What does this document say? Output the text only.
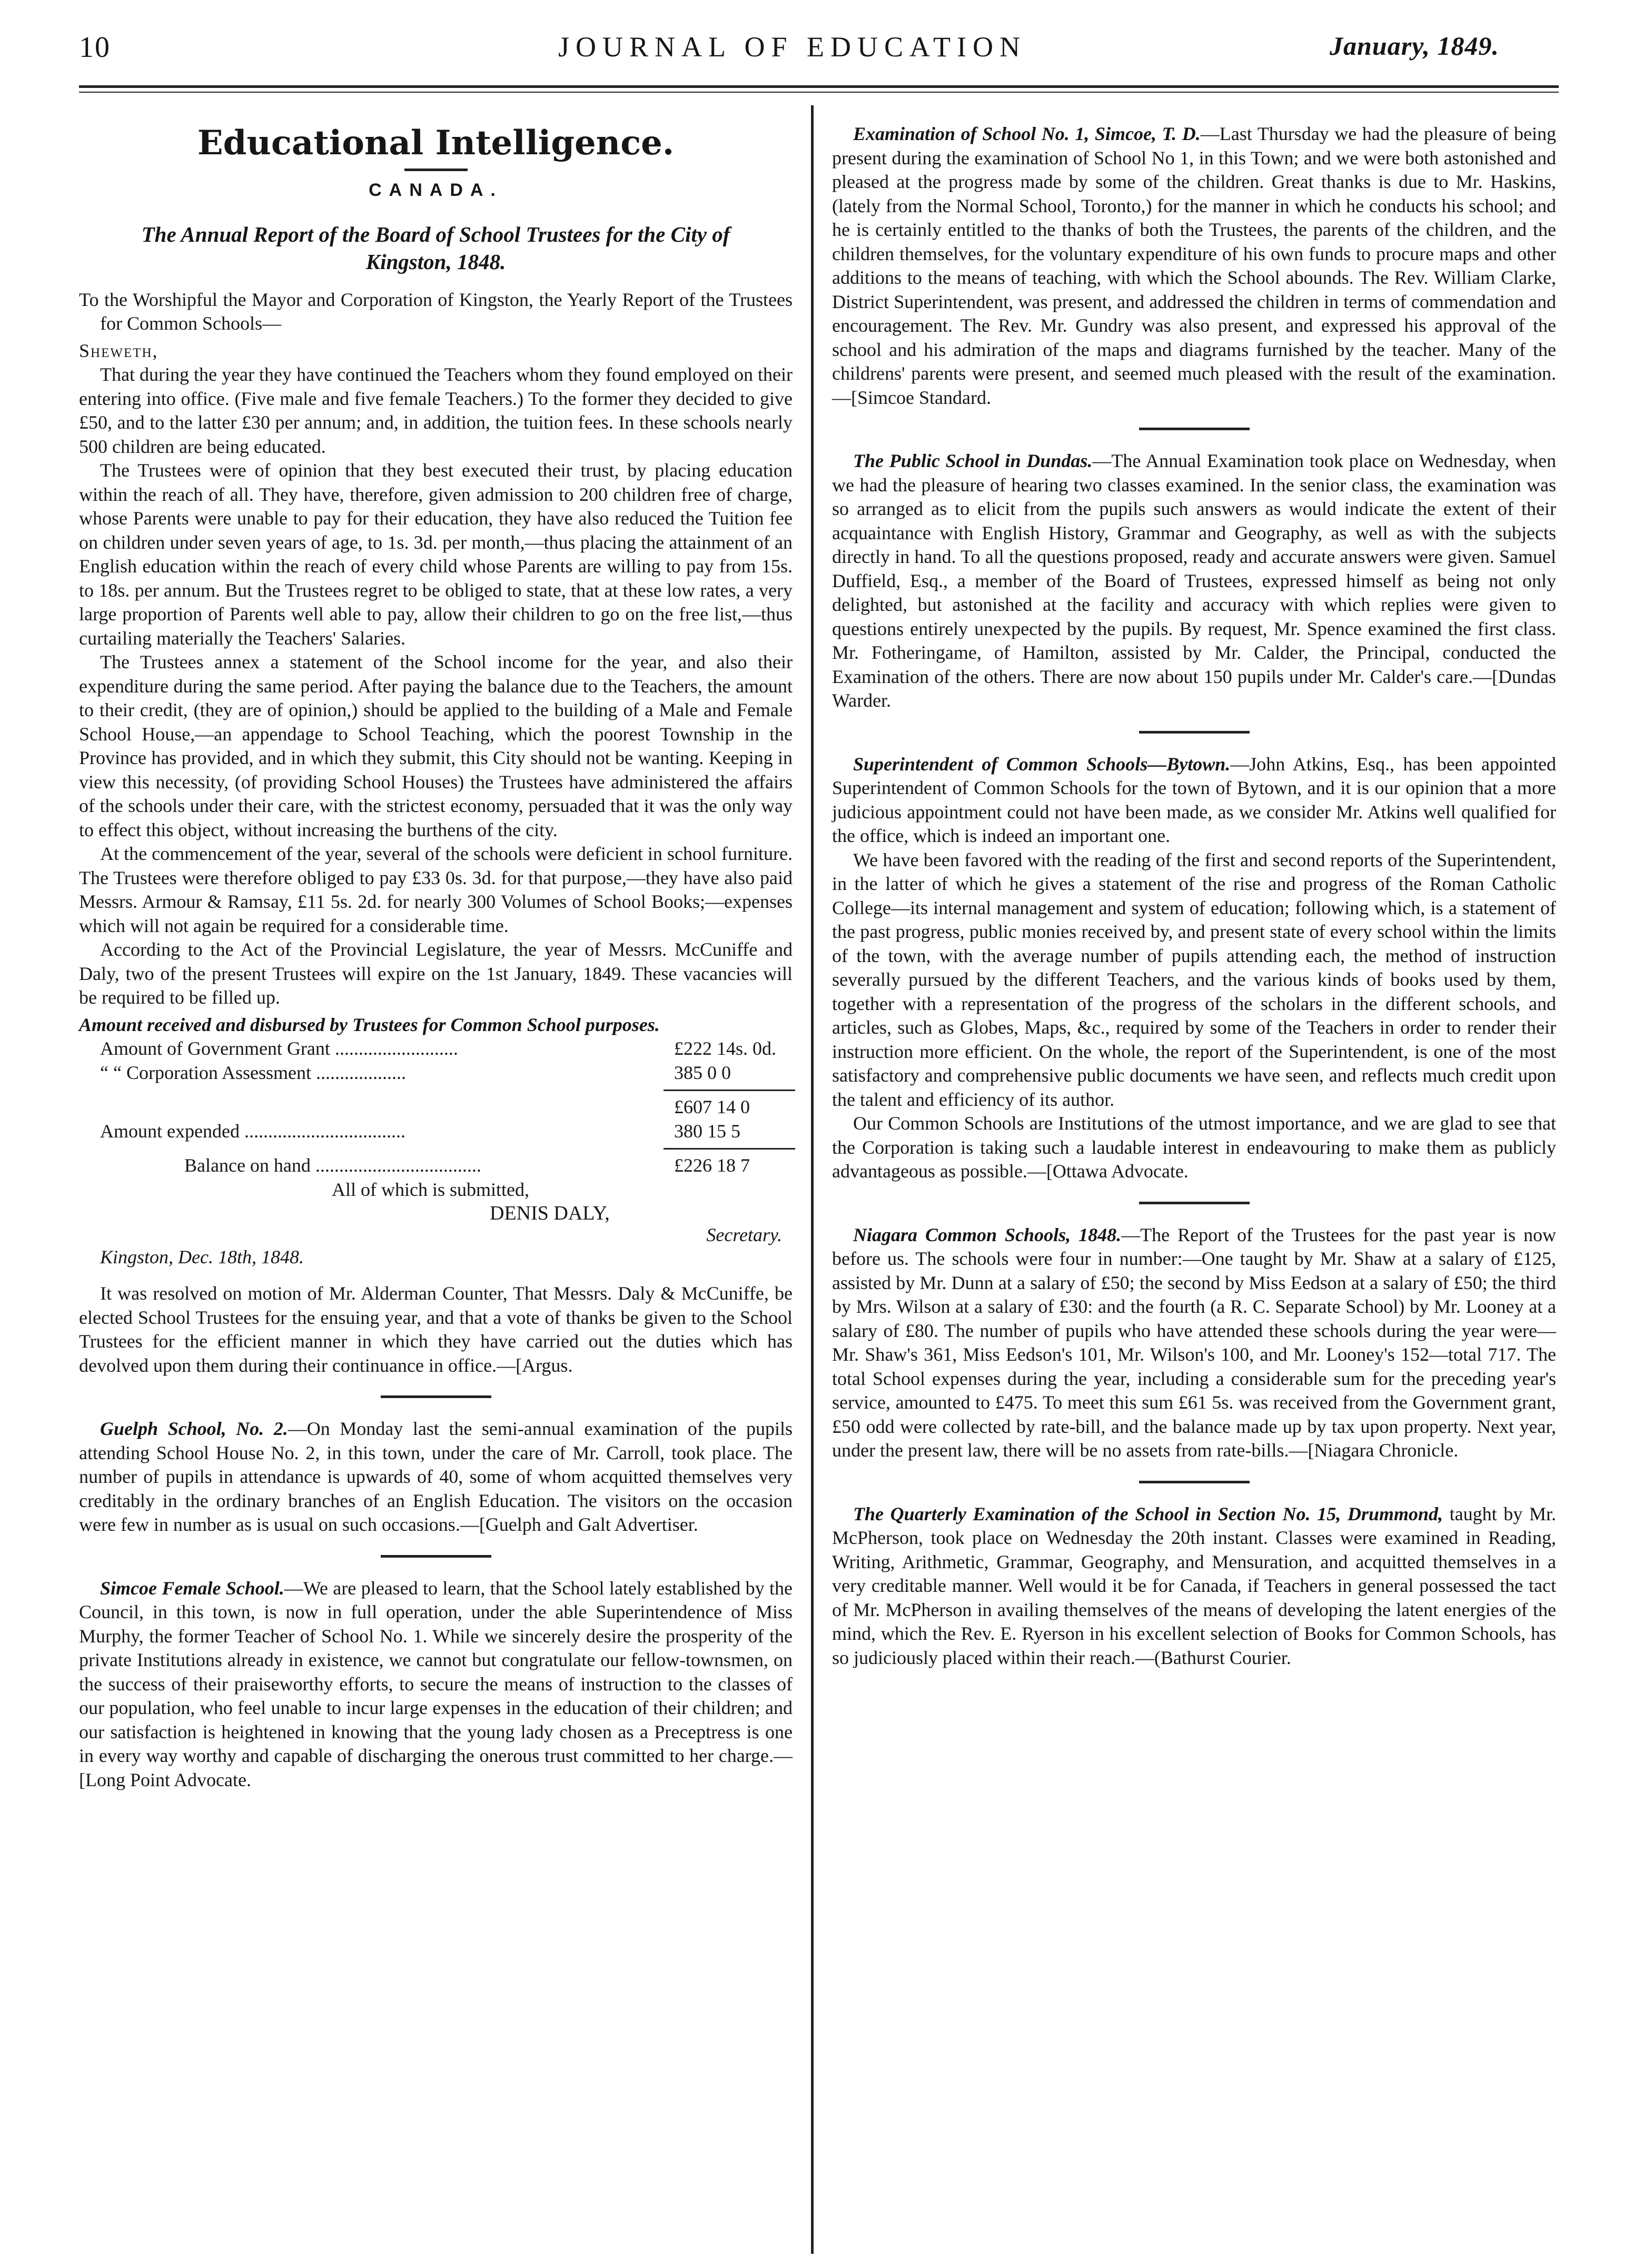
10	JOURNAL OF EDUCATION	January, 1849.
Educational Intelligence.
CANADA.
The Annual Report of the Board of School Trustees for the City of Kingston, 1848.

To the Worshipful the Mayor and Corporation of Kingston, the Yearly Report of the Trustees for Common Schools—

Sheweth,

That during the year they have continued the Teachers whom they found employed on their entering into office. (Five male and five female Teachers.) To the former they decided to give £50, and to the latter £30 per annum; and, in addition, the tuition fees. In these schools nearly 500 children are being educated.

The Trustees were of opinion that they best executed their trust, by placing education within the reach of all. They have, therefore, given admission to 200 children free of charge, whose Parents were unable to pay for their education, they have also reduced the Tuition fee on children under seven years of age, to 1s. 3d. per month,—thus placing the attainment of an English education within the reach of every child whose Parents are willing to pay from 15s. to 18s. per annum. But the Trustees regret to be obliged to state, that at these low rates, a very large proportion of Parents well able to pay, allow their children to go on the free list,—thus curtailing materially the Teachers' Salaries.

The Trustees annex a statement of the School income for the year, and also their expenditure during the same period. After paying the balance due to the Teachers, the amount to their credit, (they are of opinion,) should be applied to the building of a Male and Female School House,—an appendage to School Teaching, which the poorest Township in the Province has provided, and in which they submit, this City should not be wanting. Keeping in view this necessity, (of providing School Houses) the Trustees have administered the affairs of the schools under their care, with the strictest economy, persuaded that it was the only way to effect this object, without increasing the burthens of the city.

At the commencement of the year, several of the schools were deficient in school furniture. The Trustees were therefore obliged to pay £33 0s. 3d. for that purpose,—they have also paid Messrs. Armour & Ramsay, £11 5s. 2d. for nearly 300 Volumes of School Books;—expenses which will not again be required for a considerable time.

According to the Act of the Provincial Legislature, the year of Messrs. McCuniffe and Daly, two of the present Trustees will expire on the 1st January, 1849. These vacancies will be required to be filled up.

Amount received and disbursed by Trustees for Common School purposes.

Amount of Government Grant ..........................	£222 14s. 0d.
“ “ Corporation Assessment ...................	385 0 0
£607 14 0
Amount expended ..................................	380 15 5
Balance on hand ...................................	£226 18 7

All of which is submitted,

DENIS DALY,

Secretary.

Kingston, Dec. 18th, 1848.

It was resolved on motion of Mr. Alderman Counter, That Messrs. Daly & McCuniffe, be elected School Trustees for the ensuing year, and that a vote of thanks be given to the School Trustees for the efficient manner in which they have carried out the duties which has devolved upon them during their continuance in office.—[Argus.

Guelph School, No. 2.—On Monday last the semi-annual examination of the pupils attending School House No. 2, in this town, under the care of Mr. Carroll, took place. The number of pupils in attendance is upwards of 40, some of whom acquitted themselves very creditably in the ordinary branches of an English Education. The visitors on the occasion were few in number as is usual on such occasions.—[Guelph and Galt Advertiser.

Simcoe Female School.—We are pleased to learn, that the School lately established by the Council, in this town, is now in full operation, under the able Superintendence of Miss Murphy, the former Teacher of School No. 1. While we sincerely desire the prosperity of the private Institutions already in existence, we cannot but congratulate our fellow-townsmen, on the success of their praiseworthy efforts, to secure the means of instruction to the classes of our population, who feel unable to incur large expenses in the education of their children; and our satisfaction is heightened in knowing that the young lady chosen as a Preceptress is one in every way worthy and capable of discharging the onerous trust committed to her charge.—[Long Point Advocate.

Examination of School No. 1, Simcoe, T. D.—Last Thursday we had the pleasure of being present during the examination of School No 1, in this Town; and we were both astonished and pleased at the progress made by some of the children. Great thanks is due to Mr. Haskins, (lately from the Normal School, Toronto,) for the manner in which he conducts his school; and he is certainly entitled to the thanks of both the Trustees, the parents of the children, and the children themselves, for the voluntary expenditure of his own funds to procure maps and other additions to the means of teaching, with which the School abounds. The Rev. William Clarke, District Superintendent, was present, and addressed the children in terms of commendation and encouragement. The Rev. Mr. Gundry was also present, and expressed his approval of the school and his admiration of the maps and diagrams furnished by the teacher. Many of the childrens' parents were present, and seemed much pleased with the result of the examination.—[Simcoe Standard.

The Public School in Dundas.—The Annual Examination took place on Wednesday, when we had the pleasure of hearing two classes examined. In the senior class, the examination was so arranged as to elicit from the pupils such answers as would indicate the extent of their acquaintance with English History, Grammar and Geography, as well as with the subjects directly in hand. To all the questions proposed, ready and accurate answers were given. Samuel Duffield, Esq., a member of the Board of Trustees, expressed himself as being not only delighted, but astonished at the facility and accuracy with which replies were given to questions entirely unexpected by the pupils. By request, Mr. Spence examined the first class. Mr. Fotheringame, of Hamilton, assisted by Mr. Calder, the Principal, conducted the Examination of the others. There are now about 150 pupils under Mr. Calder's care.—[Dundas Warder.

Superintendent of Common Schools—Bytown.—John Atkins, Esq., has been appointed Superintendent of Common Schools for the town of Bytown, and it is our opinion that a more judicious appointment could not have been made, as we consider Mr. Atkins well qualified for the office, which is indeed an important one.

We have been favored with the reading of the first and second reports of the Superintendent, in the latter of which he gives a statement of the rise and progress of the Roman Catholic College—its internal management and system of education; following which, is a statement of the past progress, public monies received by, and present state of every school within the limits of the town, with the average number of pupils attending each, the method of instruction severally pursued by the different Teachers, and the various kinds of books used by them, together with a representation of the progress of the scholars in the different schools, and articles, such as Globes, Maps, &c., required by some of the Teachers in order to render their instruction more efficient. On the whole, the report of the Superintendent, is one of the most satisfactory and comprehensive public documents we have seen, and reflects much credit upon the talent and efficiency of its author.

Our Common Schools are Institutions of the utmost importance, and we are glad to see that the Corporation is taking such a laudable interest in endeavouring to make them as publicly advantageous as possible.—[Ottawa Advocate.

Niagara Common Schools, 1848.—The Report of the Trustees for the past year is now before us. The schools were four in number:—One taught by Mr. Shaw at a salary of £125, assisted by Mr. Dunn at a salary of £50; the second by Miss Eedson at a salary of £50; the third by Mrs. Wilson at a salary of £30: and the fourth (a R. C. Separate School) by Mr. Looney at a salary of £80. The number of pupils who have attended these schools during the year were—Mr. Shaw's 361, Miss Eedson's 101, Mr. Wilson's 100, and Mr. Looney's 152—total 717. The total School expenses during the year, including a considerable sum for the preceding year's service, amounted to £475. To meet this sum £61 5s. was received from the Government grant, £50 odd were collected by rate-bill, and the balance made up by tax upon property. Next year, under the present law, there will be no assets from rate-bills.—[Niagara Chronicle.

The Quarterly Examination of the School in Section No. 15, Drummond, taught by Mr. McPherson, took place on Wednesday the 20th instant. Classes were examined in Reading, Writing, Arithmetic, Grammar, Geography, and Mensuration, and acquitted themselves in a very creditable manner. Well would it be for Canada, if Teachers in general possessed the tact of Mr. McPherson in availing themselves of the means of developing the latent energies of the mind, which the Rev. E. Ryerson in his excellent selection of Books for Common Schools, has so judiciously placed within their reach.—(Bathurst Courier.
